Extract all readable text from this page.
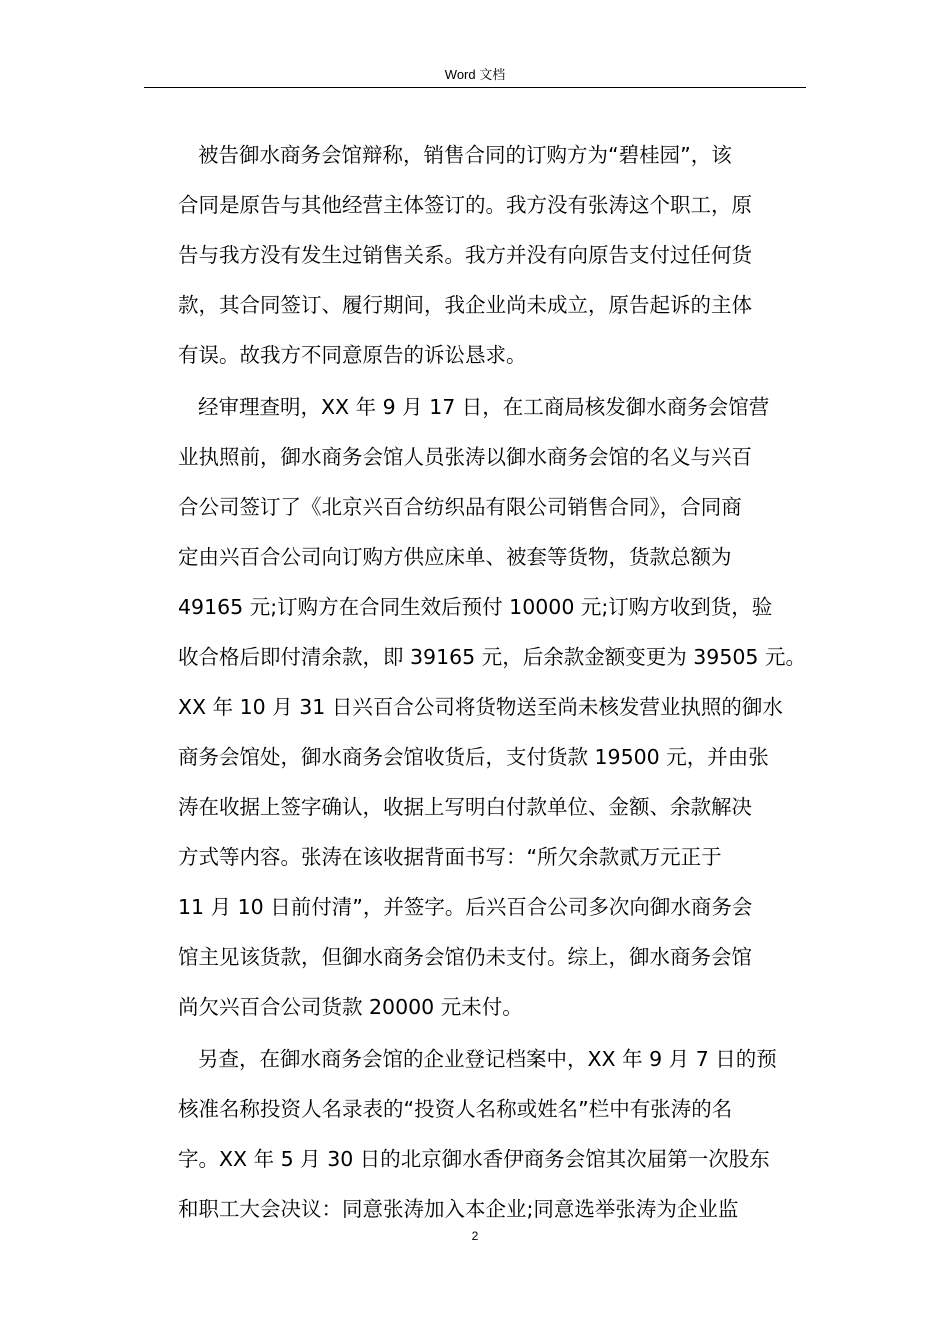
Word 文档

被告御水商务会馆辩称，销售合同的订购方为“碧桂园”，该
合同是原告与其他经营主体签订的。我方没有张涛这个职工，原
告与我方没有发生过销售关系。我方并没有向原告支付过任何货
款，其合同签订、履行期间，我企业尚未成立，原告起诉的主体
有误。故我方不同意原告的诉讼恳求。

经审理查明，XX 年 9 月 17 日，在工商局核发御水商务会馆营
业执照前，御水商务会馆人员张涛以御水商务会馆的名义与兴百
合公司签订了《北京兴百合纺织品有限公司销售合同》，合同商
定由兴百合公司向订购方供应床单、被套等货物，货款总额为
49165 元;订购方在合同生效后预付 10000 元;订购方收到货，验
收合格后即付清余款，即 39165 元，后余款金额变更为 39505 元。
XX 年 10 月 31 日兴百合公司将货物送至尚未核发营业执照的御水
商务会馆处，御水商务会馆收货后，支付货款 19500 元，并由张
涛在收据上签字确认，收据上写明白付款单位、金额、余款解决
方式等内容。张涛在该收据背面书写：“所欠余款贰万元正于
11 月 10 日前付清”，并签字。后兴百合公司多次向御水商务会
馆主见该货款，但御水商务会馆仍未支付。综上，御水商务会馆
尚欠兴百合公司货款 20000 元未付。

另查，在御水商务会馆的企业登记档案中，XX 年 9 月 7 日的预
核准名称投资人名录表的“投资人名称或姓名”栏中有张涛的名
字。XX 年 5 月 30 日的北京御水香伊商务会馆其次届第一次股东
和职工大会决议：同意张涛加入本企业;同意选举张涛为企业监

2
